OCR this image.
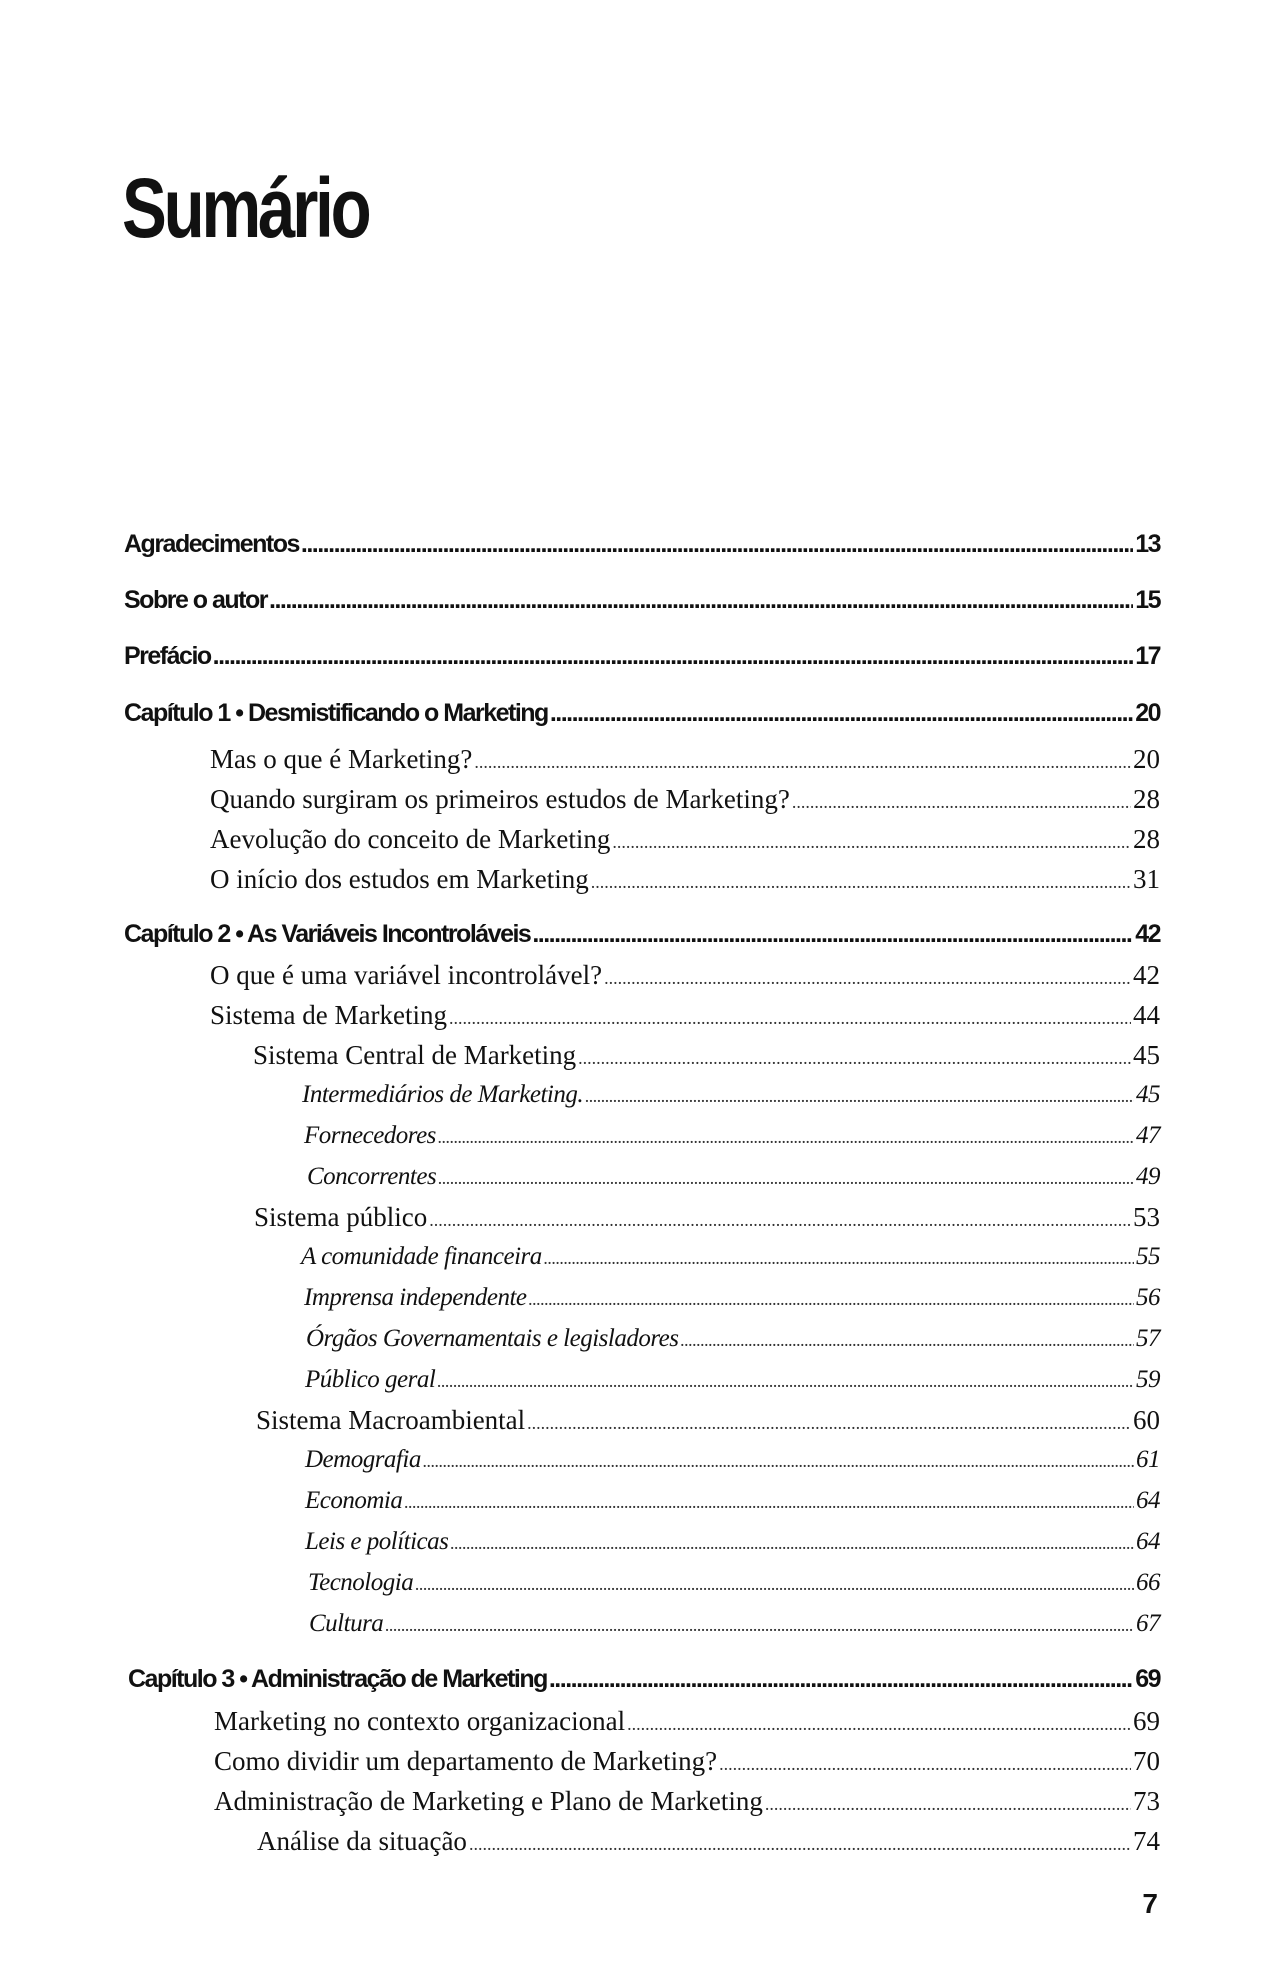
Sumário
Agradecimentos .....	13
Sobre o autor .....	15
Prefácio .....	17
Capítulo 1 • Desmistificando o Marketing .....	20
Mas o que é Marketing? .....	20
Quando surgiram os primeiros estudos de Marketing? .....	28
Aevolução do conceito de Marketing .....	28
O início dos estudos em Marketing .....	31
Capítulo 2 • As Variáveis Incontroláveis .....	42
O que é uma variável incontrolável? .....	42
Sistema de Marketing .....	44
Sistema Central de Marketing .....	45
Intermediários de Marketing. .....	45
Fornecedores .....	47
Concorrentes .....	49
Sistema público .....	53
A comunidade financeira .....	55
Imprensa independente .....	56
Órgãos Governamentais e legisladores .....	57
Público geral .....	59
Sistema Macroambiental .....	60
Demografia .....	61
Economia .....	64
Leis e políticas .....	64
Tecnologia .....	66
Cultura .....	67
Capítulo 3 • Administração de Marketing .....	69
Marketing no contexto organizacional .....	69
Como dividir um departamento de Marketing? .....	70
Administração de Marketing e Plano de Marketing .....	73
Análise da situação .....	74
7
